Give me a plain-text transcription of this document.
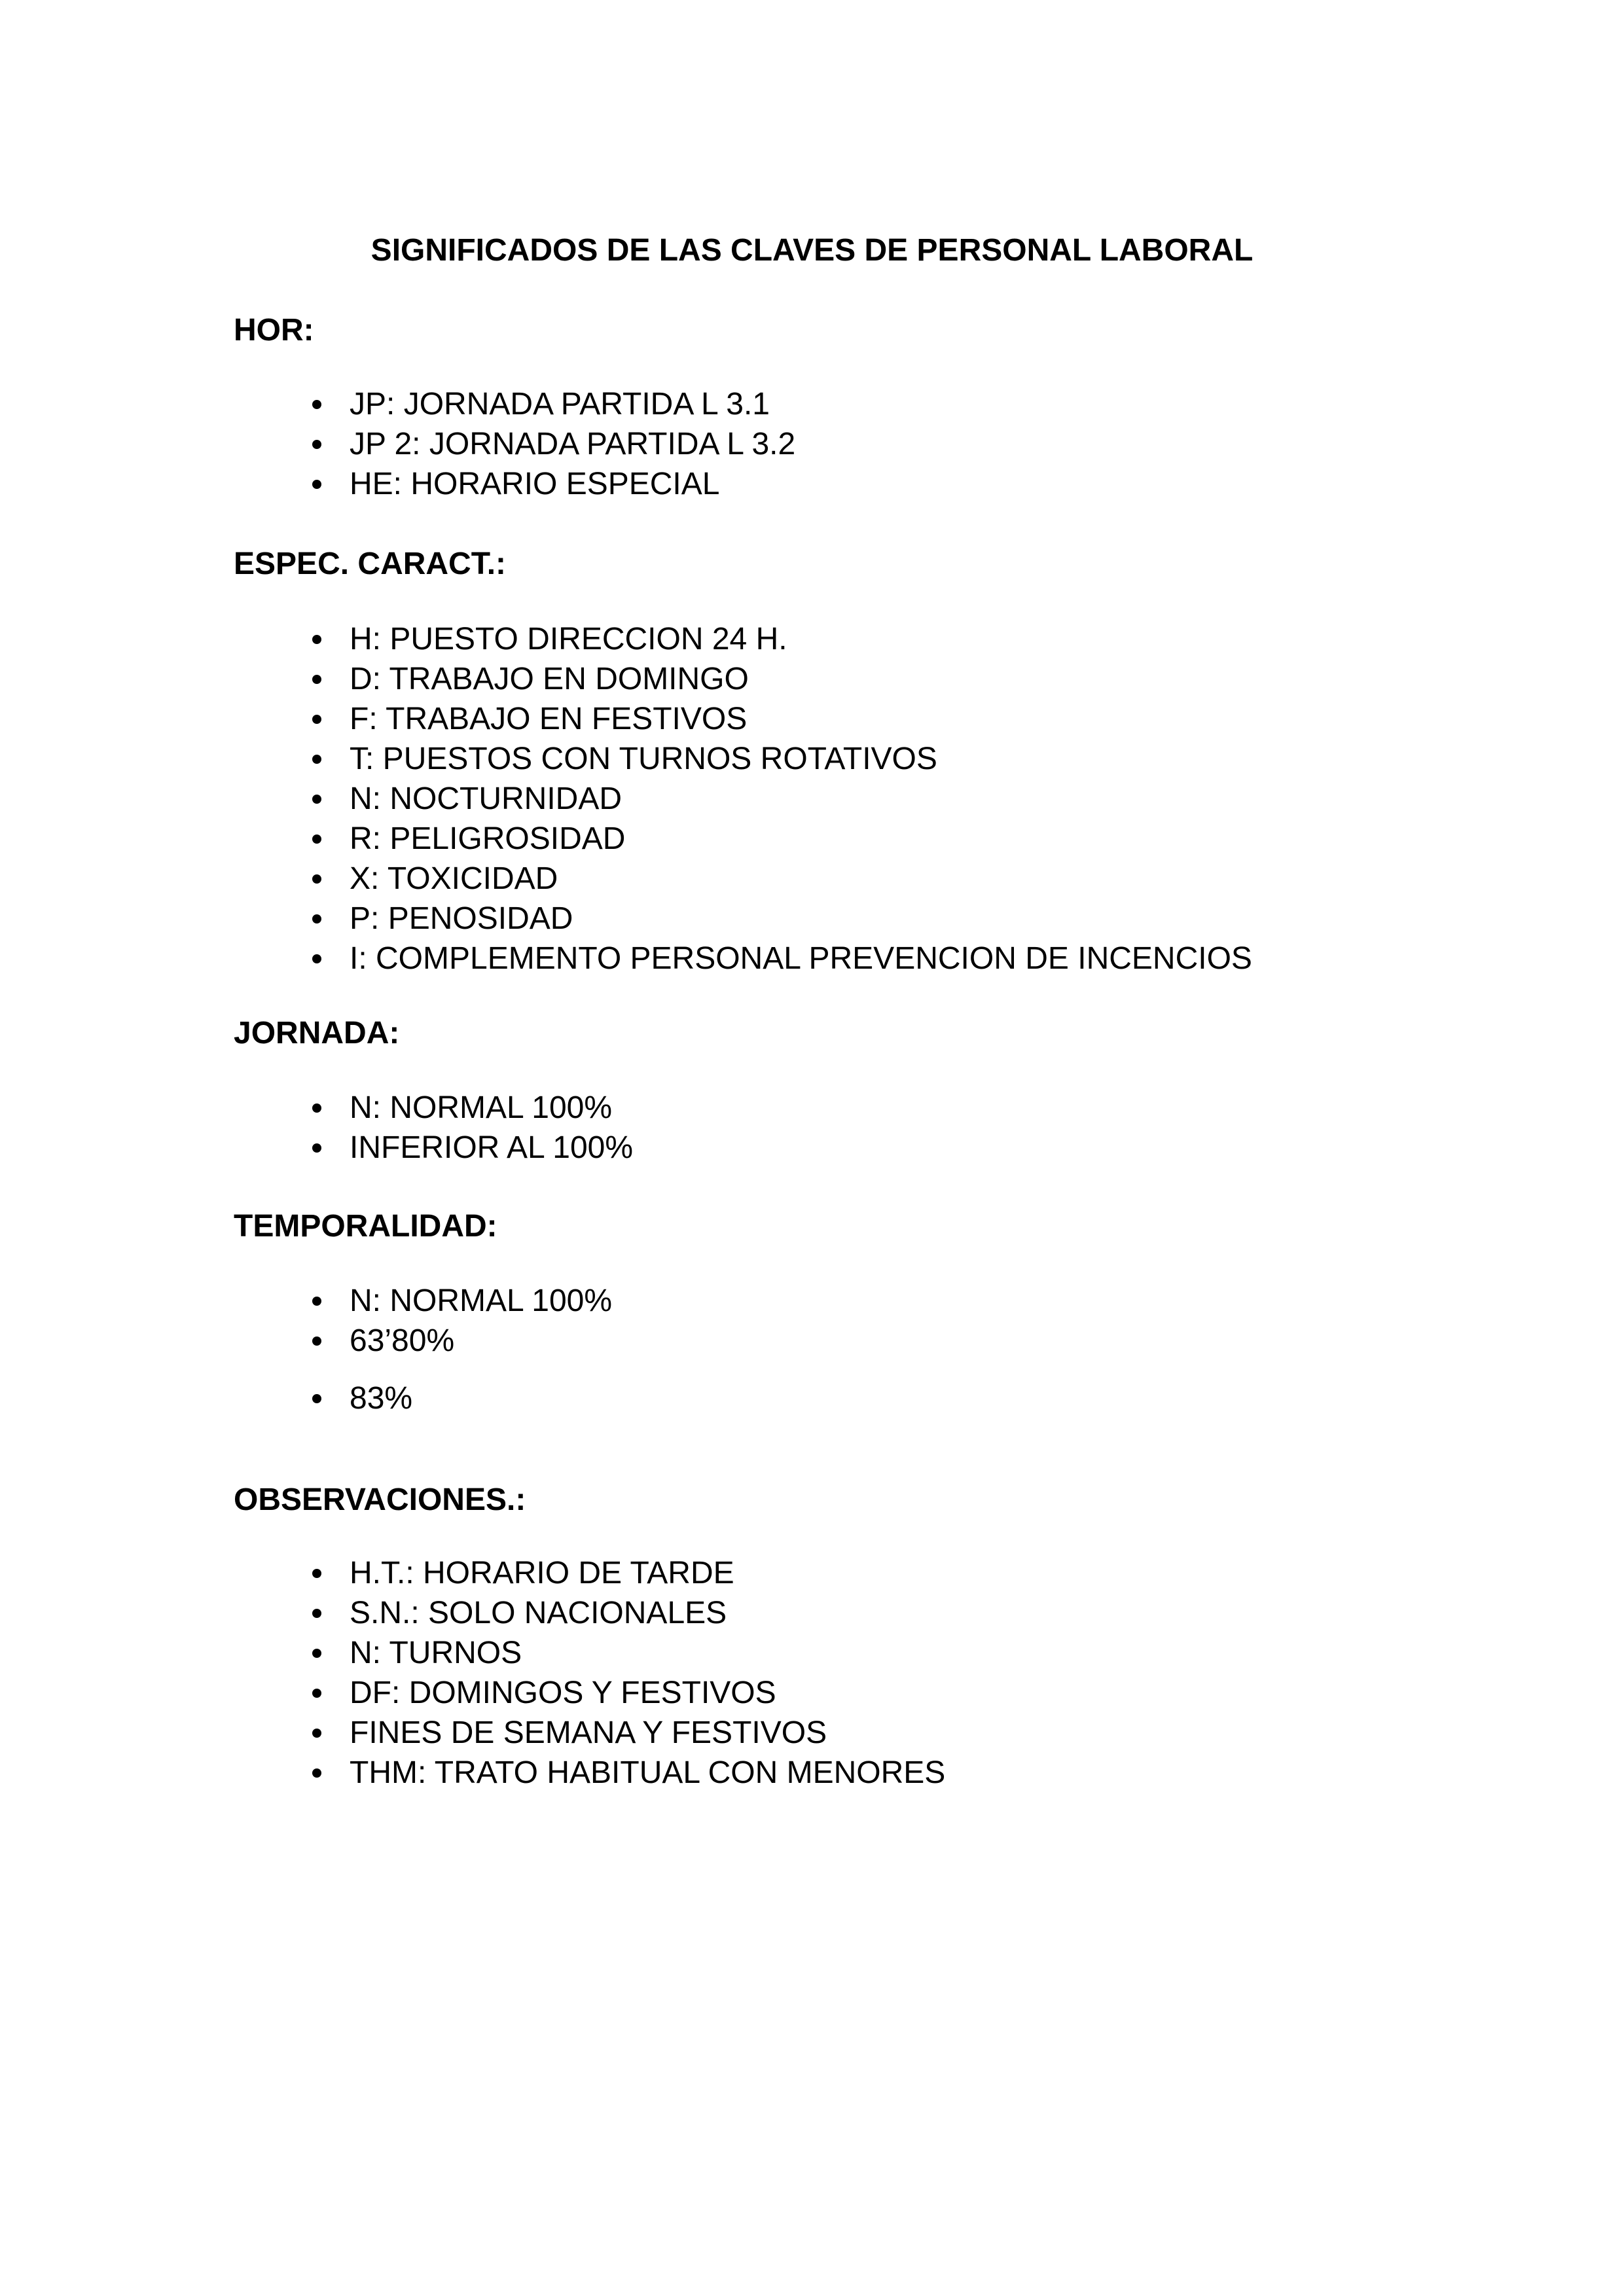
SIGNIFICADOS DE LAS CLAVES DE PERSONAL LABORAL
HOR:
JP: JORNADA PARTIDA L 3.1
JP 2: JORNADA PARTIDA L 3.2
HE: HORARIO ESPECIAL
ESPEC. CARACT.:
H: PUESTO DIRECCION 24 H.
D: TRABAJO EN DOMINGO
F: TRABAJO EN FESTIVOS
T: PUESTOS CON TURNOS ROTATIVOS
N: NOCTURNIDAD
R: PELIGROSIDAD
X: TOXICIDAD
P: PENOSIDAD
I: COMPLEMENTO PERSONAL PREVENCION DE INCENCIOS
JORNADA:
N: NORMAL 100%
INFERIOR AL 100%
TEMPORALIDAD:
N: NORMAL 100%
63’80%
83%
OBSERVACIONES.:
H.T.: HORARIO DE TARDE
S.N.: SOLO NACIONALES
N: TURNOS
DF: DOMINGOS Y FESTIVOS
FINES DE SEMANA Y FESTIVOS
THM: TRATO HABITUAL CON MENORES
